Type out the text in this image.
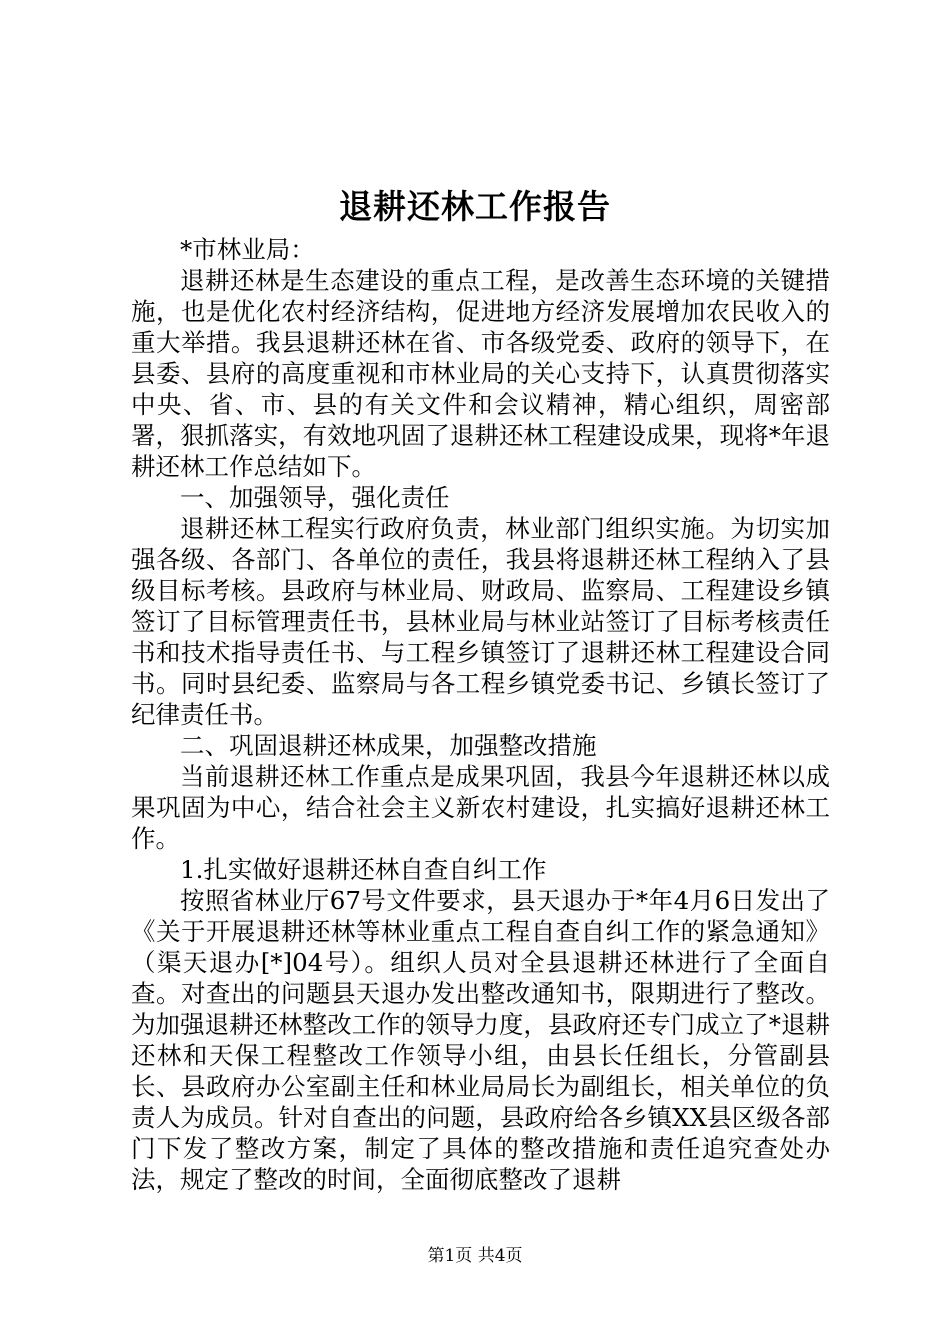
退耕还林工作报告

*市林业局：

退耕还林是生态建设的重点工程，是改善生态环境的关键措施，也是优化农村经济结构，促进地方经济发展增加农民收入的重大举措。我县退耕还林在省、市各级党委、政府的领导下，在县委、县府的高度重视和市林业局的关心支持下，认真贯彻落实中央、省、市、县的有关文件和会议精神，精心组织，周密部署，狠抓落实，有效地巩固了退耕还林工程建设成果，现将*年退耕还林工作总结如下。

一、加强领导，强化责任

退耕还林工程实行政府负责，林业部门组织实施。为切实加强各级、各部门、各单位的责任，我县将退耕还林工程纳入了县级目标考核。县政府与林业局、财政局、监察局、工程建设乡镇签订了目标管理责任书，县林业局与林业站签订了目标考核责任书和技术指导责任书、与工程乡镇签订了退耕还林工程建设合同书。同时县纪委、监察局与各工程乡镇党委书记、乡镇长签订了纪律责任书。

二、巩固退耕还林成果，加强整改措施

当前退耕还林工作重点是成果巩固，我县今年退耕还林以成果巩固为中心，结合社会主义新农村建设，扎实搞好退耕还林工作。

1.扎实做好退耕还林自查自纠工作

按照省林业厅67号文件要求，县天退办于*年4月6日发出了《关于开展退耕还林等林业重点工程自查自纠工作的紧急通知》（渠天退办[*]04号）。组织人员对全县退耕还林进行了全面自查。对查出的问题县天退办发出整改通知书，限期进行了整改。为加强退耕还林整改工作的领导力度，县政府还专门成立了*退耕还林和天保工程整改工作领导小组，由县长任组长，分管副县长、县政府办公室副主任和林业局局长为副组长，相关单位的负责人为成员。针对自查出的问题，县政府给各乡镇XX县区级各部门下发了整改方案，制定了具体的整改措施和责任追究查处办法，规定了整改的时间，全面彻底整改了退耕

第1页 共4页
